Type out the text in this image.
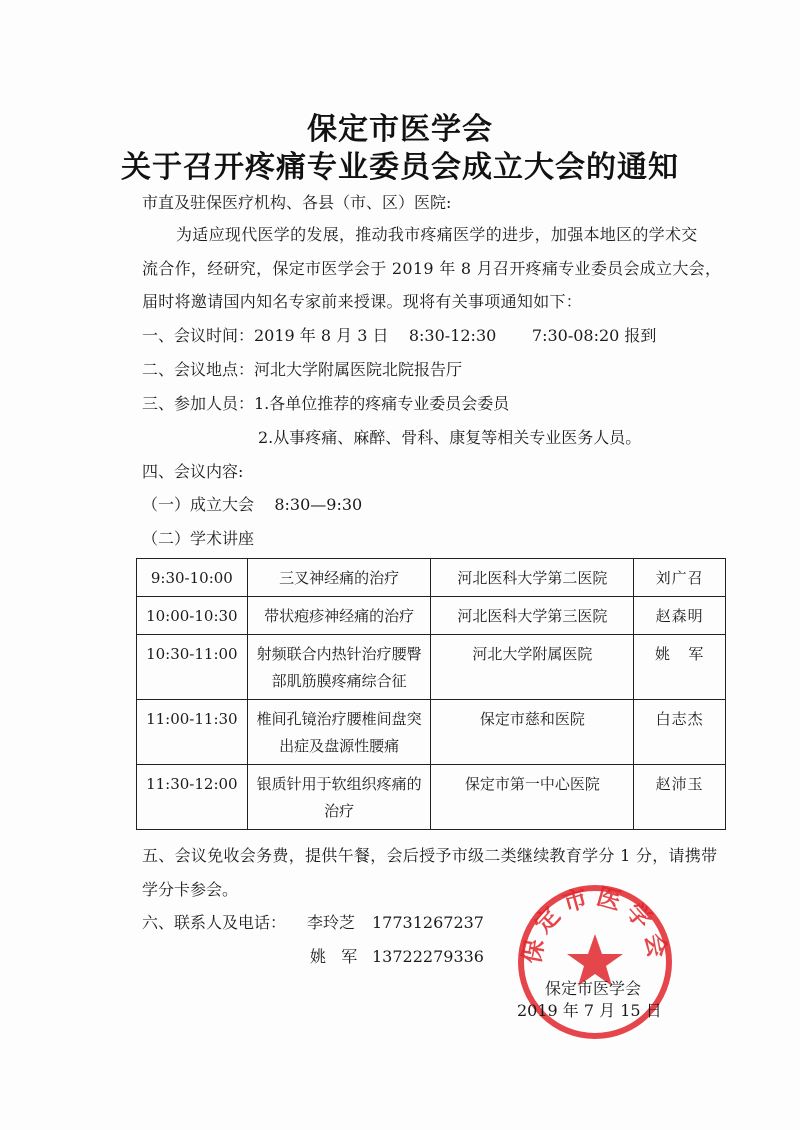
保定市医学会
关于召开疼痛专业委员会成立大会的通知
市直及驻保医疗机构、各县（市、区）医院:
为适应现代医学的发展，推动我市疼痛医学的进步，加强本地区的学术交
流合作，经研究，保定市医学会于 2019 年 8 月召开疼痛专业委员会成立大会，
届时将邀请国内知名专家前来授课。现将有关事项通知如下：
一、会议时间：2019 年 8 月 3 日    8:30-12:30       7:30-08:20 报到
二、会议地点：河北大学附属医院北院报告厅
三、参加人员：1.各单位推荐的疼痛专业委员会委员
2.从事疼痛、麻醉、骨科、康复等相关专业医务人员。
四、会议内容:
（一）成立大会    8:30—9:30
（二）学术讲座
9:30-10:00	三叉神经痛的治疗	河北医科大学第二医院	刘广召
10:00-10:30	带状疱疹神经痛的治疗	河北医科大学第三医院	赵森明
10:30-11:00	射频联合内热针治疗腰臀部肌筋膜疼痛综合征	河北大学附属医院	姚   军
11:00-11:30	椎间孔镜治疗腰椎间盘突出症及盘源性腰痛	保定市慈和医院	白志杰
11:30-12:00	银质针用于软组织疼痛的治疗	保定市第一中心医院	赵沛玉
五、会议免收会务费，提供午餐，会后授予市级二类继续教育学分 1 分，请携带
学分卡参会。
六、联系人及电话： 李玲芝 17731267237
姚   军 13722279336 保定市医学会
保定市医学会
2019 年 7 月 15 日
